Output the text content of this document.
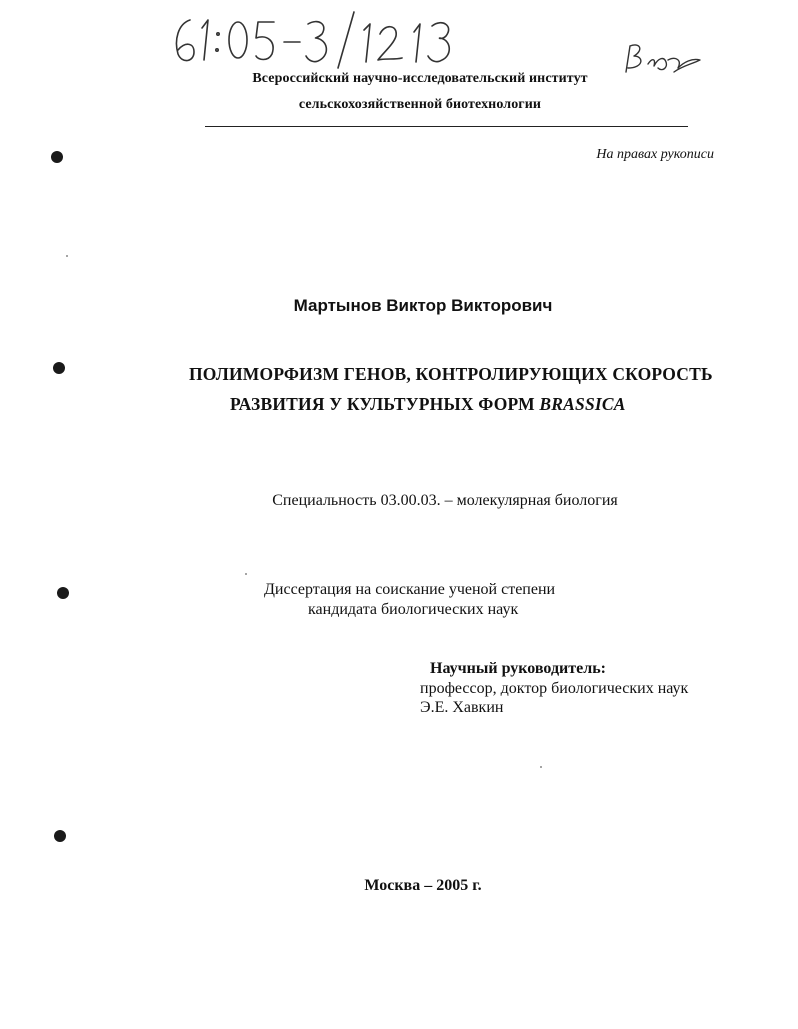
Всероссийский научно-исследовательский институт
сельскохозяйственной биотехнологии
На правах рукописи
Мартынов Виктор Викторович
ПОЛИМОРФИЗМ ГЕНОВ, КОНТРОЛИРУЮЩИХ СКОРОСТЬ
РАЗВИТИЯ У КУЛЬТУРНЫХ ФОРМ BRASSICA
Специальность 03.00.03. – молекулярная биология
Диссертация на соискание ученой степени
кандидата биологических наук
Научный руководитель:
профессор, доктор биологических наук
Э.Е. Хавкин
Москва – 2005 г.
